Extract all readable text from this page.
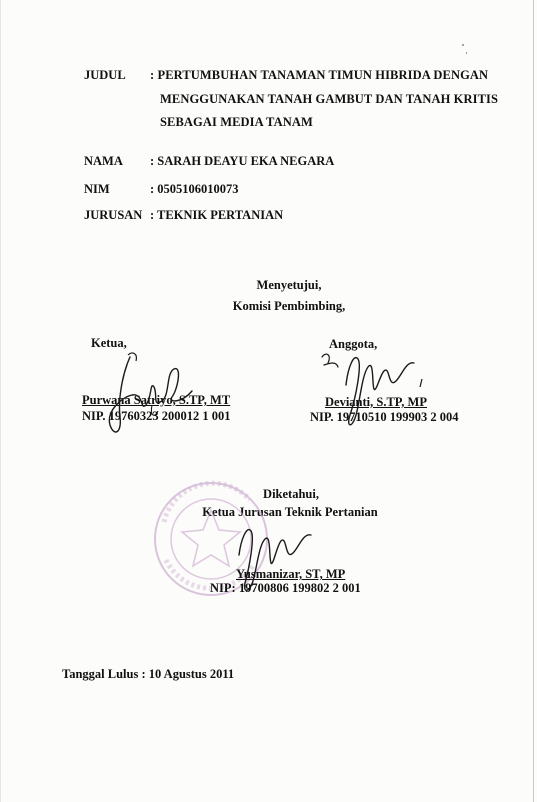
JUDUL : PERTUMBUHAN TANAMAN TIMUN HIBRIDA DENGAN
MENGGUNAKAN TANAH GAMBUT DAN TANAH KRITIS
SEBAGAI MEDIA TANAM
NAMA : SARAH DEAYU EKA NEGARA
NIM	: 0505106010073
JURUSAN : TEKNIK PERTANIAN
Menyetujui,
Komisi Pembimbing,
Ketua,
Purwana Satriyo, S.TP, MT
NIP. 19760323 200012 1 001
Anggota,
Devianti, S.TP, MP
NIP. 19710510 199903 2 004
Diketahui,
Ketua Jurusan Teknik Pertanian
Yusmanizar, ST, MP
NIP: 19700806 199802 2 001
Tanggal Lulus : 10 Agustus 2011
